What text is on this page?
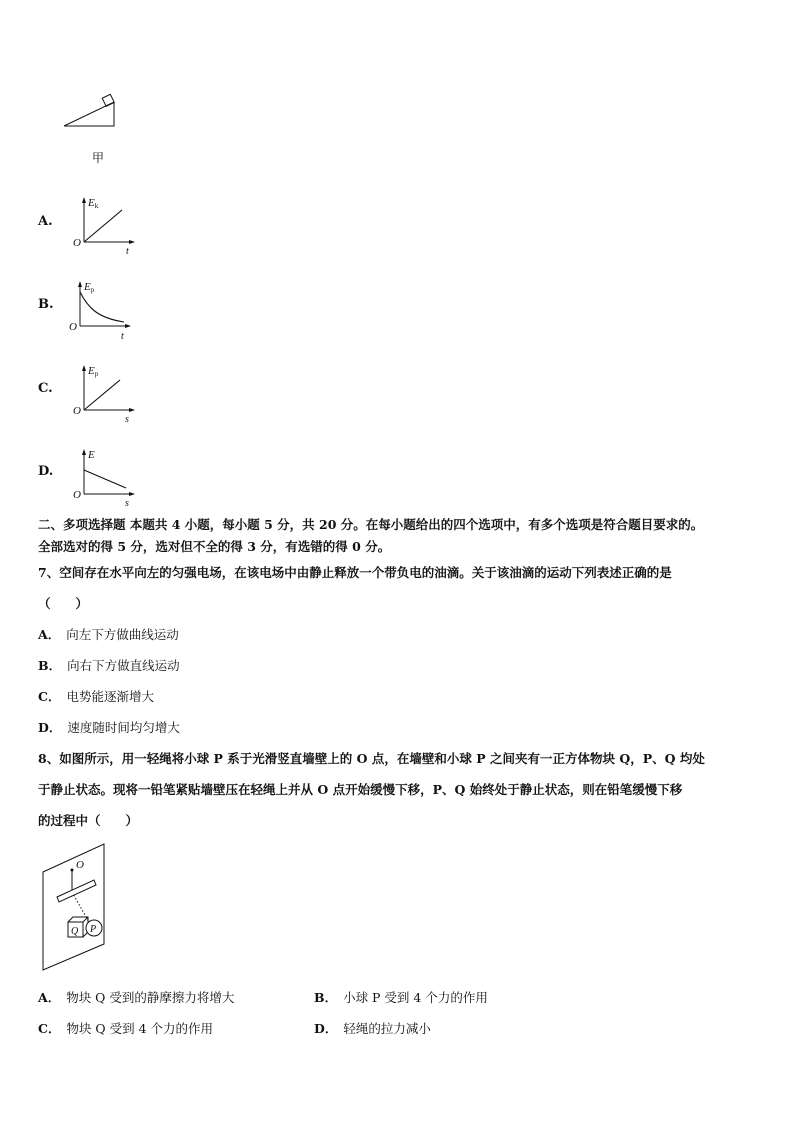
甲
A.
Ek
O
t
B.
Ep
O
t
C.
Ep
O
s
D.
E
O
s
二、多项选择题 本题共 4 小题，每小题 5 分，共 20 分。在每小题给出的四个选项中，有多个选项是符合题目要求的。
全部选对的得 5 分，选对但不全的得 3 分，有选错的得 0 分。
7、空间存在水平向左的匀强电场，在该电场中由静止释放一个带负电的油滴。关于该油滴的运动下列表述正确的是
（　　）
A． 向左下方做曲线运动
B． 向右下方做直线运动
C． 电势能逐渐增大
D． 速度随时间均匀增大
8、如图所示，用一轻绳将小球 P 系于光滑竖直墙壁上的 O 点，在墙壁和小球 P 之间夹有一正方体物块 Q，P、Q 均处
于静止状态。现将一铅笔紧贴墙壁压在轻绳上并从 O 点开始缓慢下移，P、Q 始终处于静止状态，则在铅笔缓慢下移
的过程中（　　）
O
Q P
A． 物块 Q 受到的静摩擦力将增大	B． 小球 P 受到 4 个力的作用
C． 物块 Q 受到 4 个力的作用	D． 轻绳的拉力减小
